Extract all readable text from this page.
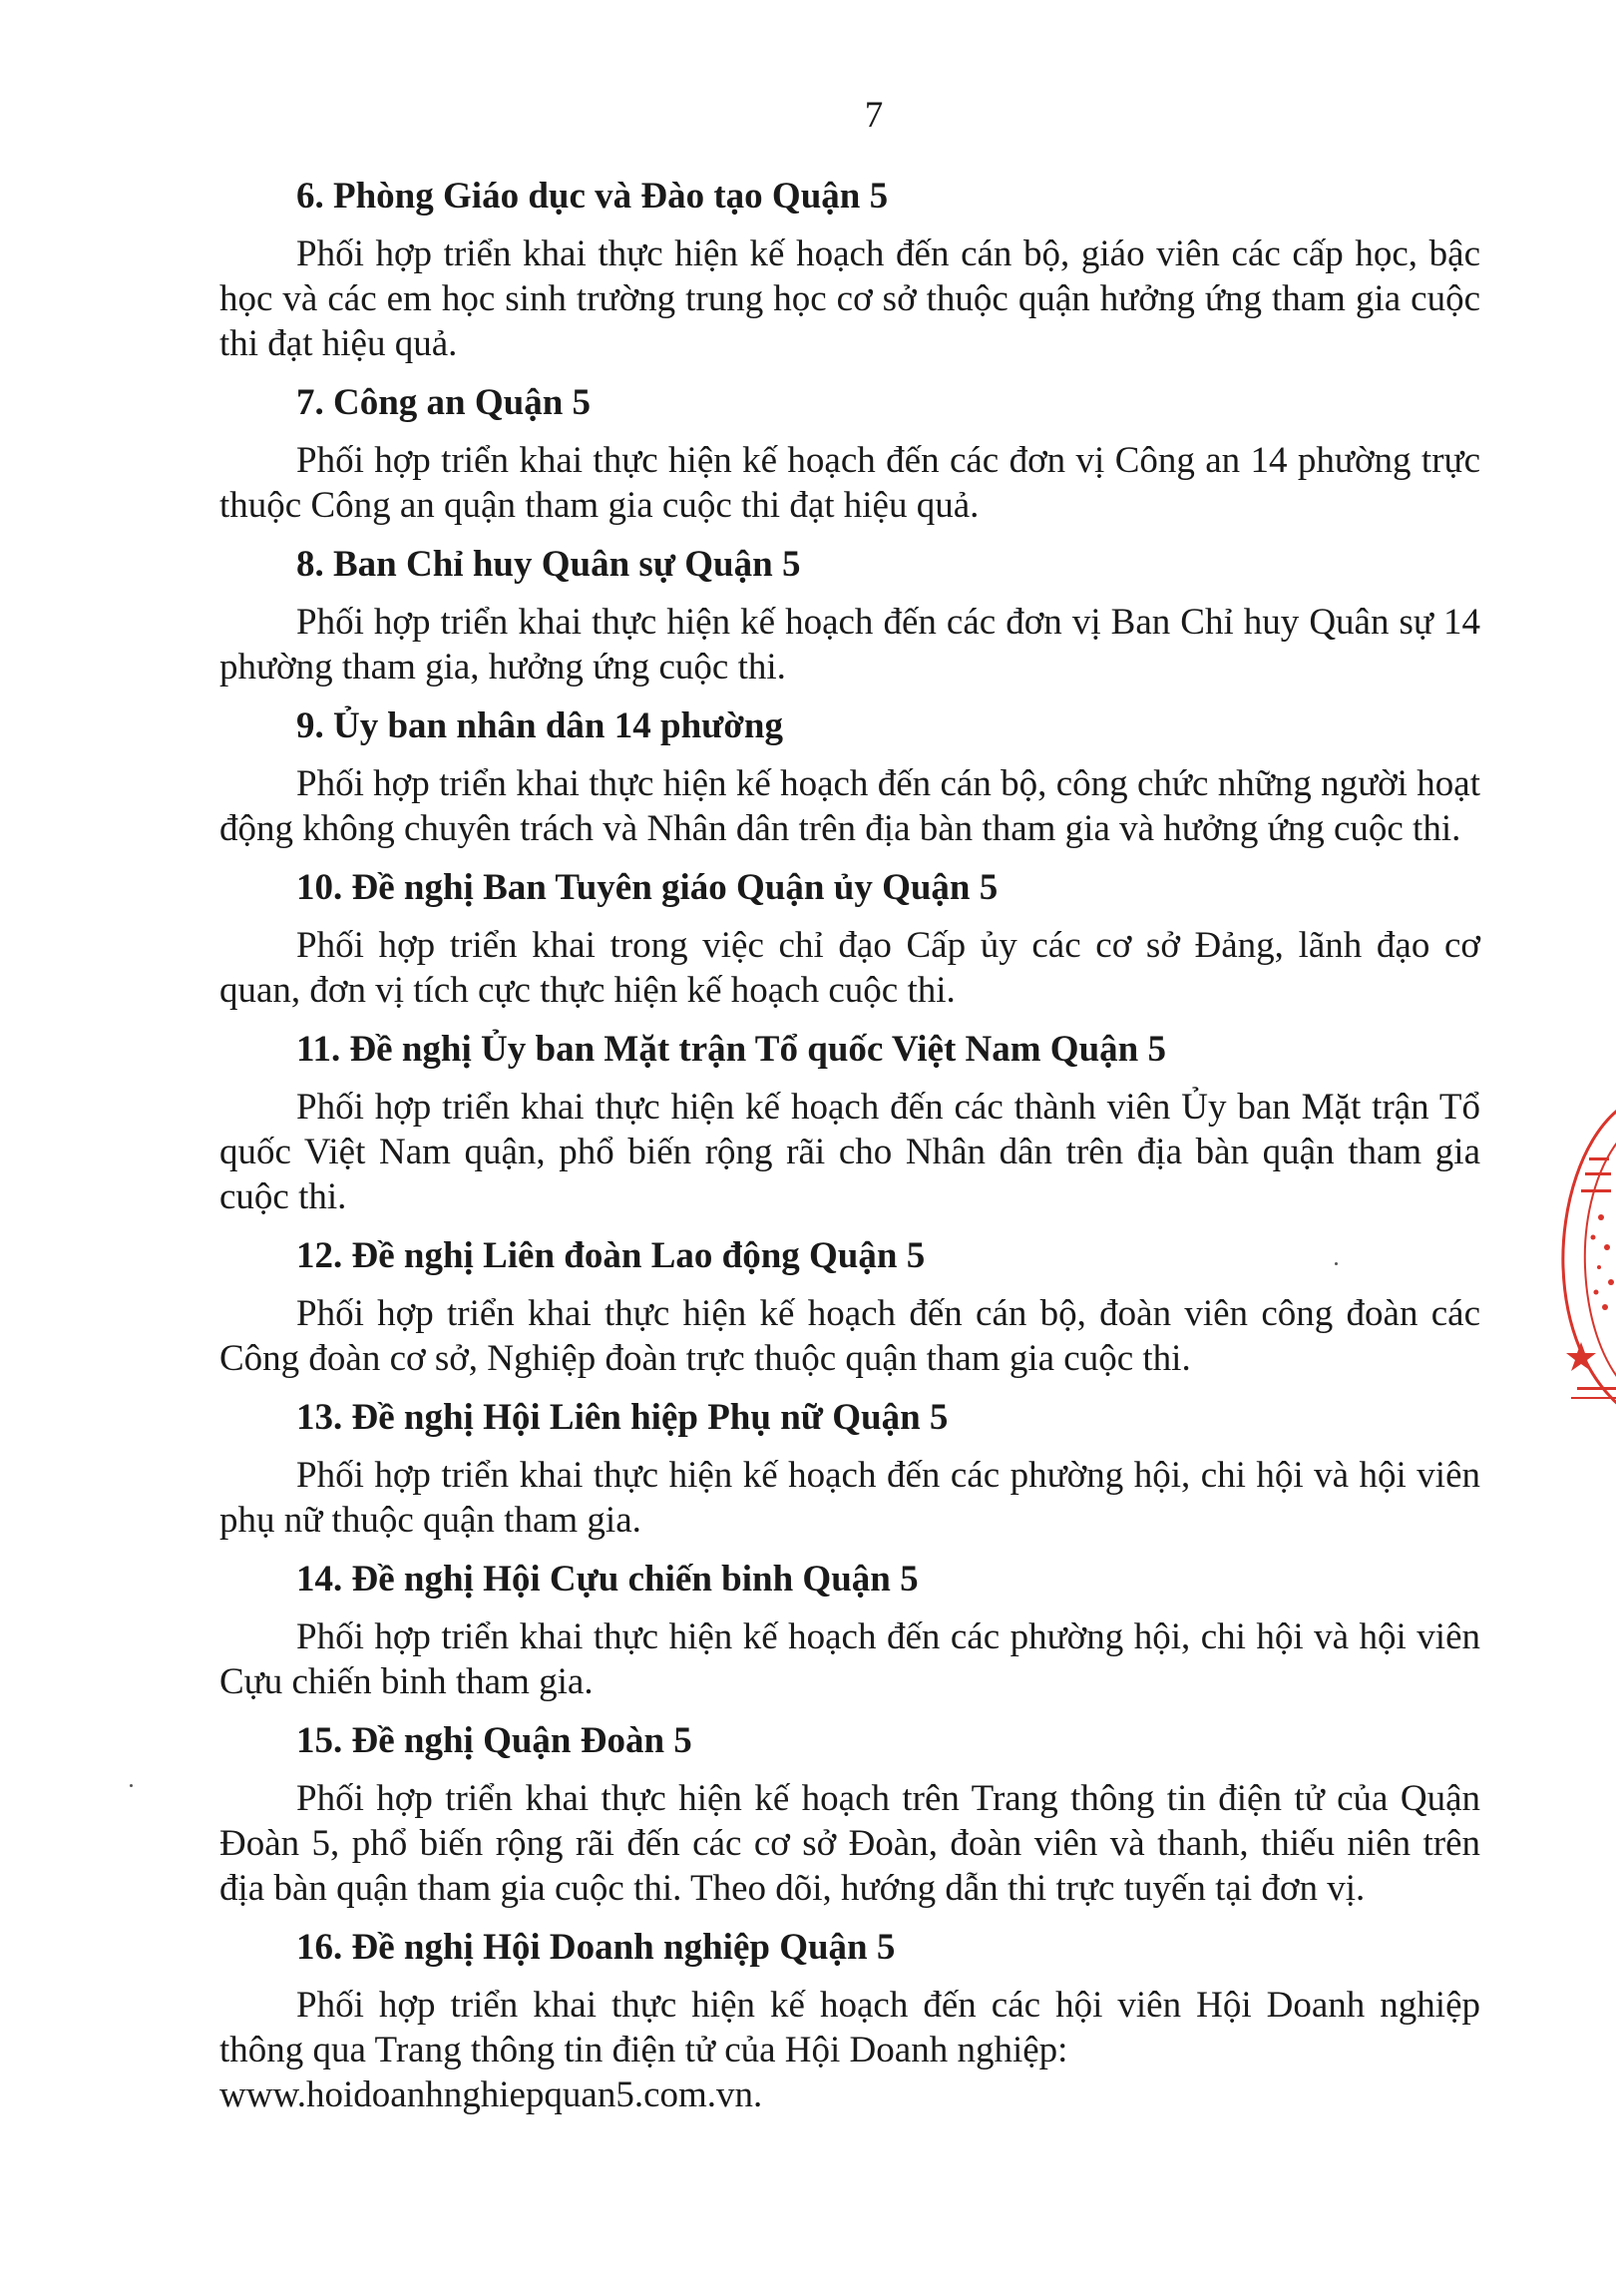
7

6. Phòng Giáo dục và Đào tạo Quận 5

Phối hợp triển khai thực hiện kế hoạch đến cán bộ, giáo viên các cấp học, bậc học và các em học sinh trường trung học cơ sở thuộc quận hưởng ứng tham gia cuộc thi đạt hiệu quả.

7. Công an Quận 5

Phối hợp triển khai thực hiện kế hoạch đến các đơn vị Công an 14 phường trực thuộc Công an quận tham gia cuộc thi đạt hiệu quả.

8. Ban Chỉ huy Quân sự Quận 5

Phối hợp triển khai thực hiện kế hoạch đến các đơn vị Ban Chỉ huy Quân sự 14 phường tham gia, hưởng ứng cuộc thi.

9. Ủy ban nhân dân 14 phường

Phối hợp triển khai thực hiện kế hoạch đến cán bộ, công chức những người hoạt động không chuyên trách và Nhân dân trên địa bàn tham gia và hưởng ứng cuộc thi.

10. Đề nghị Ban Tuyên giáo Quận ủy Quận 5

Phối hợp triển khai trong việc chỉ đạo Cấp ủy các cơ sở Đảng, lãnh đạo cơ quan, đơn vị tích cực thực hiện kế hoạch cuộc thi.

11. Đề nghị Ủy ban Mặt trận Tổ quốc Việt Nam Quận 5

Phối hợp triển khai thực hiện kế hoạch đến các thành viên Ủy ban Mặt trận Tổ quốc Việt Nam quận, phổ biến rộng rãi cho Nhân dân trên địa bàn quận tham gia cuộc thi.

12. Đề nghị Liên đoàn Lao động Quận 5

Phối hợp triển khai thực hiện kế hoạch đến cán bộ, đoàn viên công đoàn các Công đoàn cơ sở, Nghiệp đoàn trực thuộc quận tham gia cuộc thi.

13. Đề nghị Hội Liên hiệp Phụ nữ Quận 5

Phối hợp triển khai thực hiện kế hoạch đến các phường hội, chi hội và hội viên phụ nữ thuộc quận tham gia.

14. Đề nghị Hội Cựu chiến binh Quận 5

Phối hợp triển khai thực hiện kế hoạch đến các phường hội, chi hội và hội viên Cựu chiến binh tham gia.

15. Đề nghị Quận Đoàn 5

Phối hợp triển khai thực hiện kế hoạch trên Trang thông tin điện tử của Quận Đoàn 5, phổ biến rộng rãi đến các cơ sở Đoàn, đoàn viên và thanh, thiếu niên trên địa bàn quận tham gia cuộc thi. Theo dõi, hướng dẫn thi trực tuyến tại đơn vị.

16. Đề nghị Hội Doanh nghiệp Quận 5

Phối hợp triển khai thực hiện kế hoạch đến các hội viên Hội Doanh nghiệp thông qua Trang thông tin điện tử của Hội Doanh nghiệp:
www.hoidoanhnghiepquan5.com.vn.
